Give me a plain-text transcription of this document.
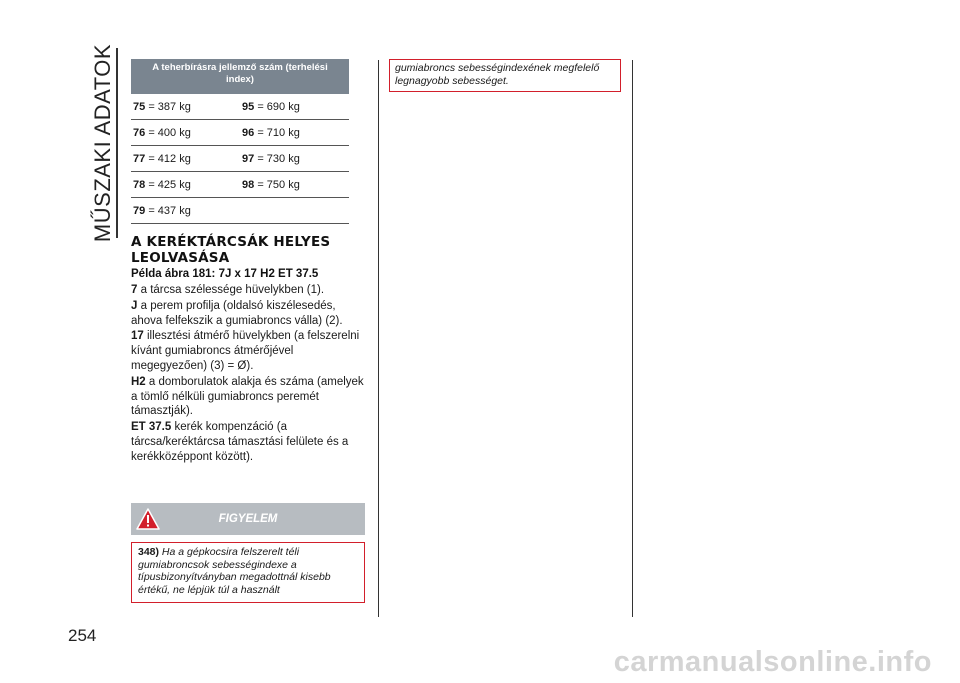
MŰSZAKI ADATOK	A teherbírásra jellemző szám (terhelési index)
75 = 387 kg	95 = 690 kg
76 = 400 kg	96 = 710 kg
77 = 412 kg	97 = 730 kg
78 = 425 kg	98 = 750 kg
79 = 437 kg
A KERÉKTÁRCSÁK HELYES LEOLVASÁSA
Példa ábra 181: 7J x 17 H2 ET 37.5

7 a tárcsa szélessége hüvelykben (1).

J a perem profilja (oldalsó kiszélesedés, ahova felfekszik a gumiabroncs válla) (2).

17 illesztési átmérő hüvelykben (a felszerelni kívánt gumiabroncs átmérőjével megegyezően) (3) = Ø).

H2 a domborulatok alakja és száma (amelyek a tömlő nélküli gumiabroncs peremét támasztják).

ET 37.5 kerék kompenzáció (a tárcsa/keréktárcsa támasztási felülete és a kerékközéppont között).

FIGYELEM
348) Ha a gépkocsira felszerelt téli gumiabroncsok sebességindexe a típusbizonyítványban megadottnál kisebb értékű, ne lépjük túl a használt
gumiabroncs sebességindexének megfelelő legnagyobb sebességet.
254
carmanualsonline.info
